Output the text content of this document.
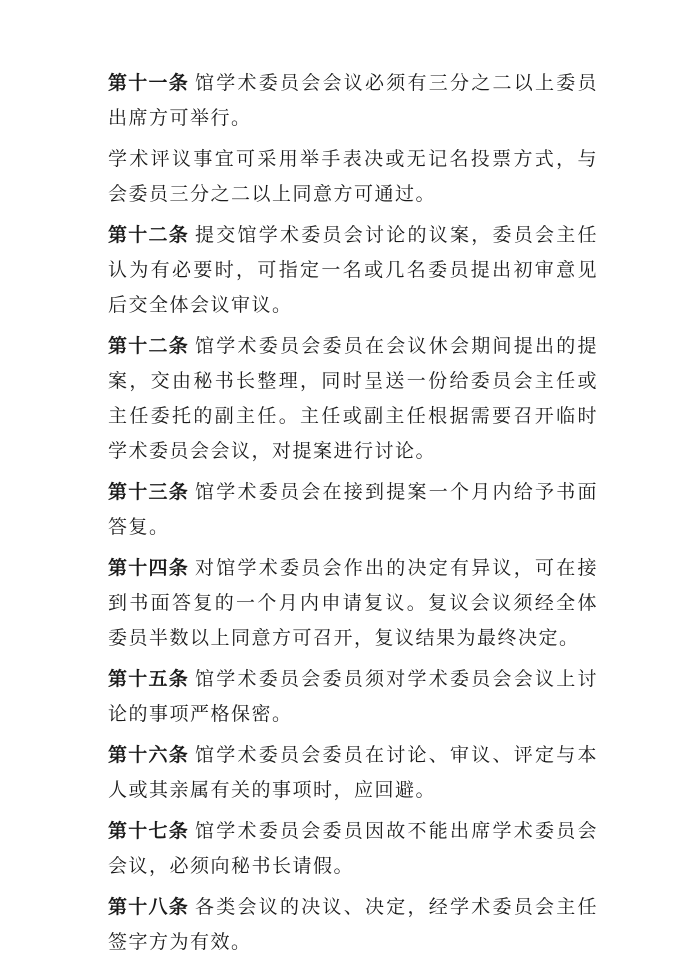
第十一条 馆学术委员会会议必须有三分之二以上委员出席方可举行。

学术评议事宜可采用举手表决或无记名投票方式，与会委员三分之二以上同意方可通过。

第十二条 提交馆学术委员会讨论的议案，委员会主任认为有必要时，可指定一名或几名委员提出初审意见后交全体会议审议。

第十二条 馆学术委员会委员在会议休会期间提出的提案，交由秘书长整理，同时呈送一份给委员会主任或主任委托的副主任。主任或副主任根据需要召开临时学术委员会会议，对提案进行讨论。

第十三条 馆学术委员会在接到提案一个月内给予书面答复。

第十四条 对馆学术委员会作出的决定有异议，可在接到书面答复的一个月内申请复议。复议会议须经全体委员半数以上同意方可召开，复议结果为最终决定。

第十五条 馆学术委员会委员须对学术委员会会议上讨论的事项严格保密。

第十六条 馆学术委员会委员在讨论、审议、评定与本人或其亲属有关的事项时，应回避。

第十七条 馆学术委员会委员因故不能出席学术委员会会议，必须向秘书长请假。

第十八条 各类会议的决议、决定，经学术委员会主任签字方为有效。
